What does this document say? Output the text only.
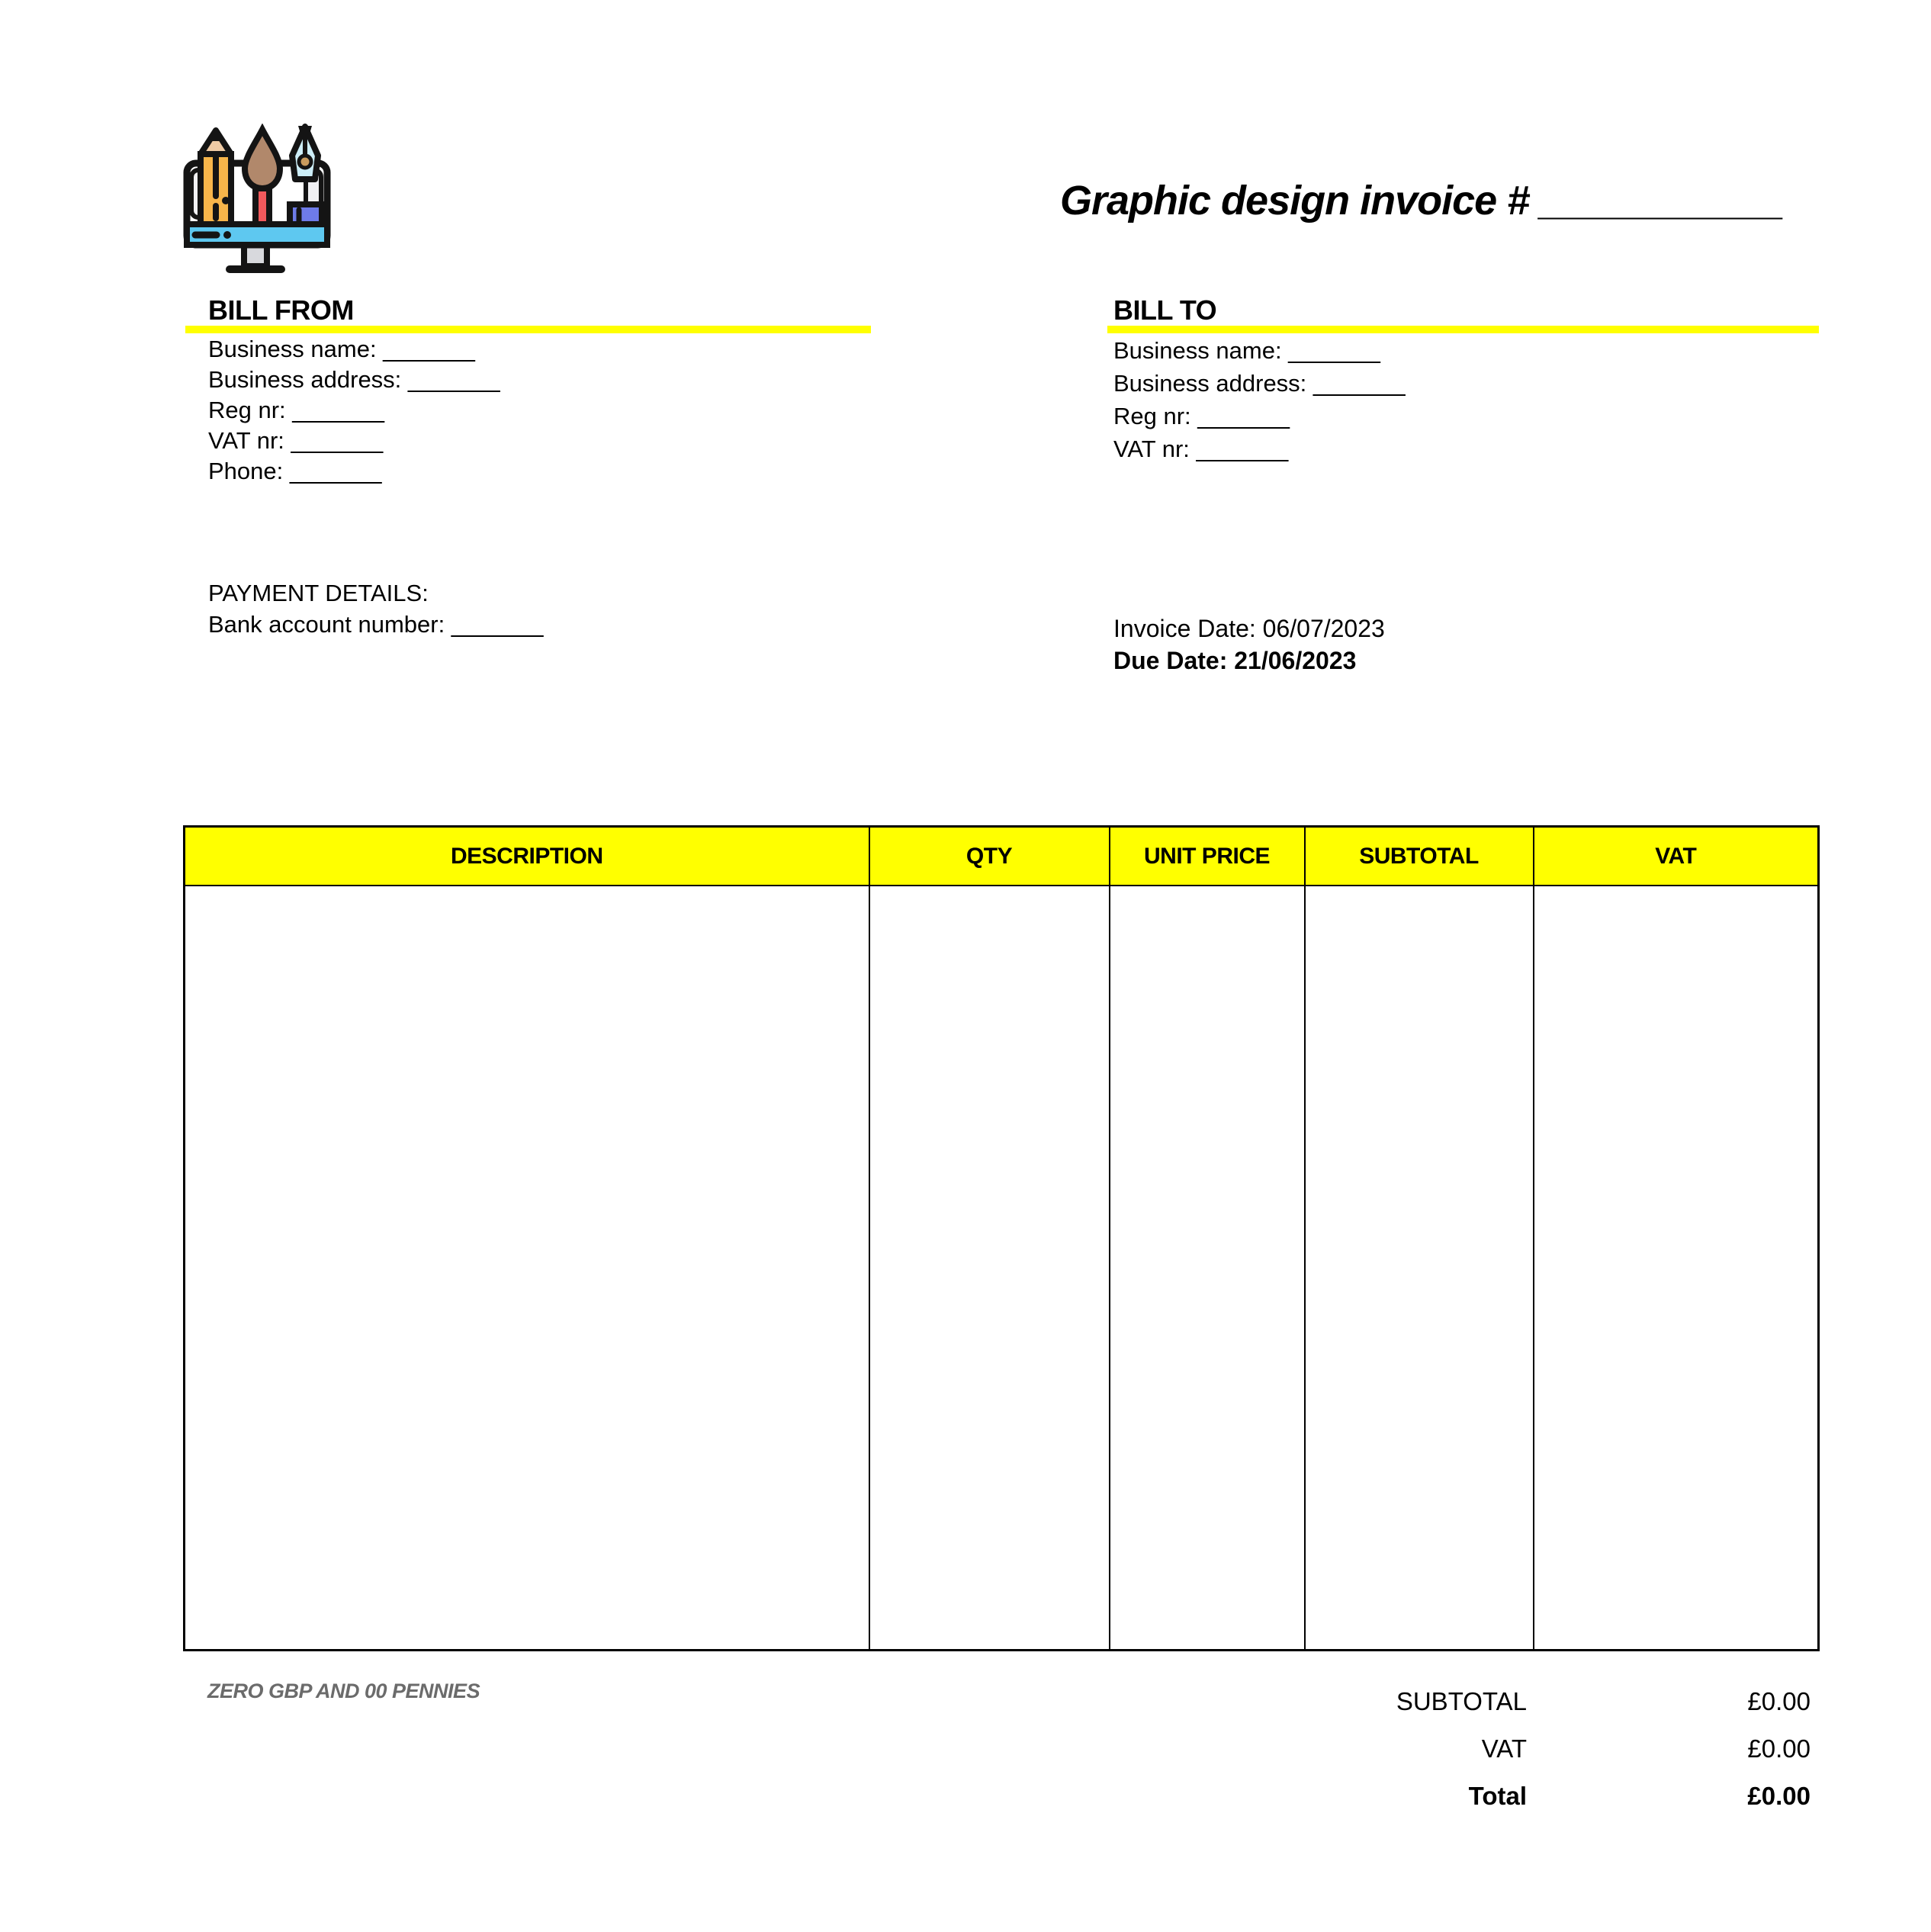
Graphic design invoice # ___________
BILL FROM
Business name: _______
Business address: _______
Reg nr: _______
VAT nr: _______
Phone: _______
PAYMENT DETAILS:
Bank account number: _______
BILL TO
Business name: _______
Business address: _______
Reg nr: _______
VAT nr: _______
Invoice Date: 06/07/2023
Due Date: 21/06/2023
DESCRIPTION	QTY	UNIT PRICE	SUBTOTAL	VAT

ZERO GBP AND 00 PENNIES	SUBTOTAL	£0.00
VAT	£0.00
Total	£0.00
